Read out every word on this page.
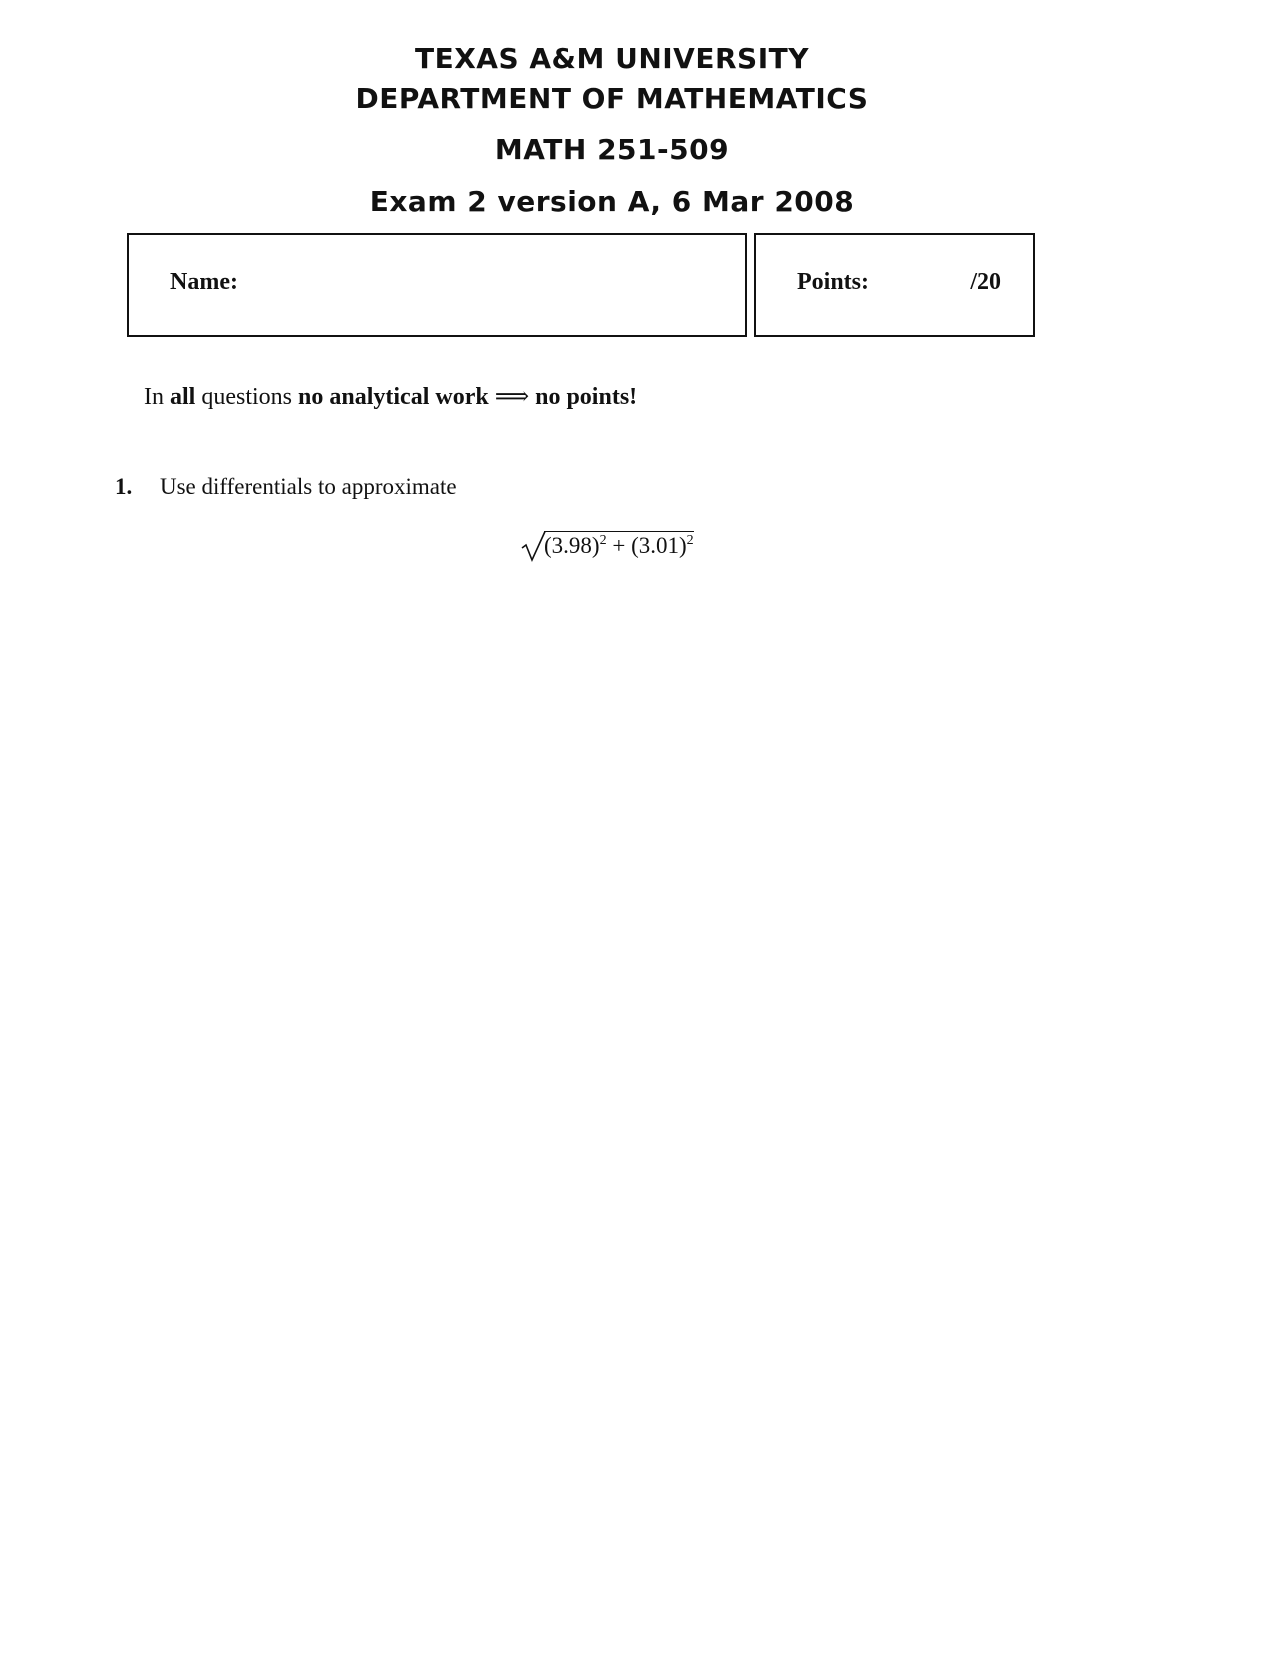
TEXAS A&M UNIVERSITY
DEPARTMENT OF MATHEMATICS
MATH 251-509
Exam 2 version A, 6 Mar 2008
Name:	Points:	/20
In all questions no analytical work ⟹ no points!
1. Use differentials to approximate
$(3.98)^2 + (3.01)^2$
